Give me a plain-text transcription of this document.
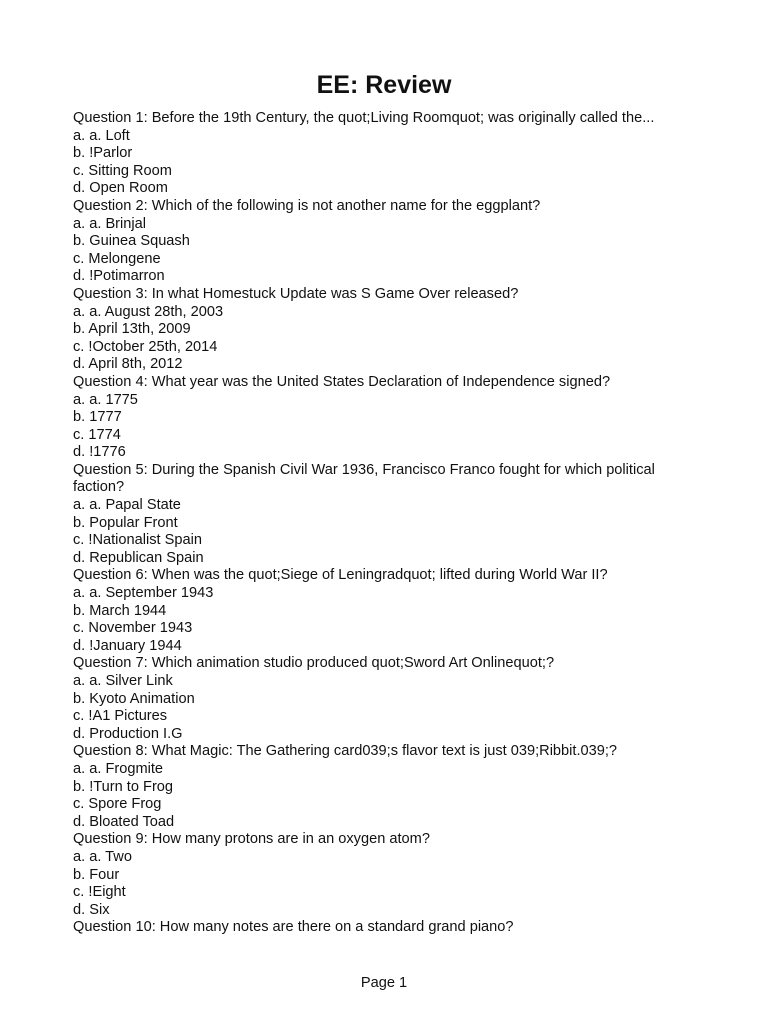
EE: Review
Question 1: Before the 19th Century, the quot;Living Roomquot; was originally called the...
a. a. Loft
b. !Parlor
c. Sitting Room
d. Open Room
Question 2: Which of the following is not another name for the eggplant?
a. a. Brinjal
b. Guinea Squash
c. Melongene
d. !Potimarron
Question 3: In what Homestuck Update was S Game Over released?
a. a. August 28th, 2003
b. April 13th, 2009
c. !October 25th, 2014
d. April 8th, 2012
Question 4: What year was the United States Declaration of Independence signed?
a. a. 1775
b. 1777
c. 1774
d. !1776
Question 5: During the Spanish Civil War 1936, Francisco Franco fought for which political
faction?
a. a. Papal State
b. Popular Front
c. !Nationalist Spain
d. Republican Spain
Question 6: When was the quot;Siege of Leningradquot; lifted during World War II?
a. a. September 1943
b. March 1944
c. November 1943
d. !January 1944
Question 7: Which animation studio produced quot;Sword Art Onlinequot;?
a. a. Silver Link
b. Kyoto Animation
c. !A1 Pictures
d. Production I.G
Question 8: What Magic: The Gathering card039;s flavor text is just 039;Ribbit.039;?
a. a. Frogmite
b. !Turn to Frog
c. Spore Frog
d. Bloated Toad
Question 9: How many protons are in an oxygen atom?
a. a. Two
b. Four
c. !Eight
d. Six
Question 10: How many notes are there on a standard grand piano?
Page 1
